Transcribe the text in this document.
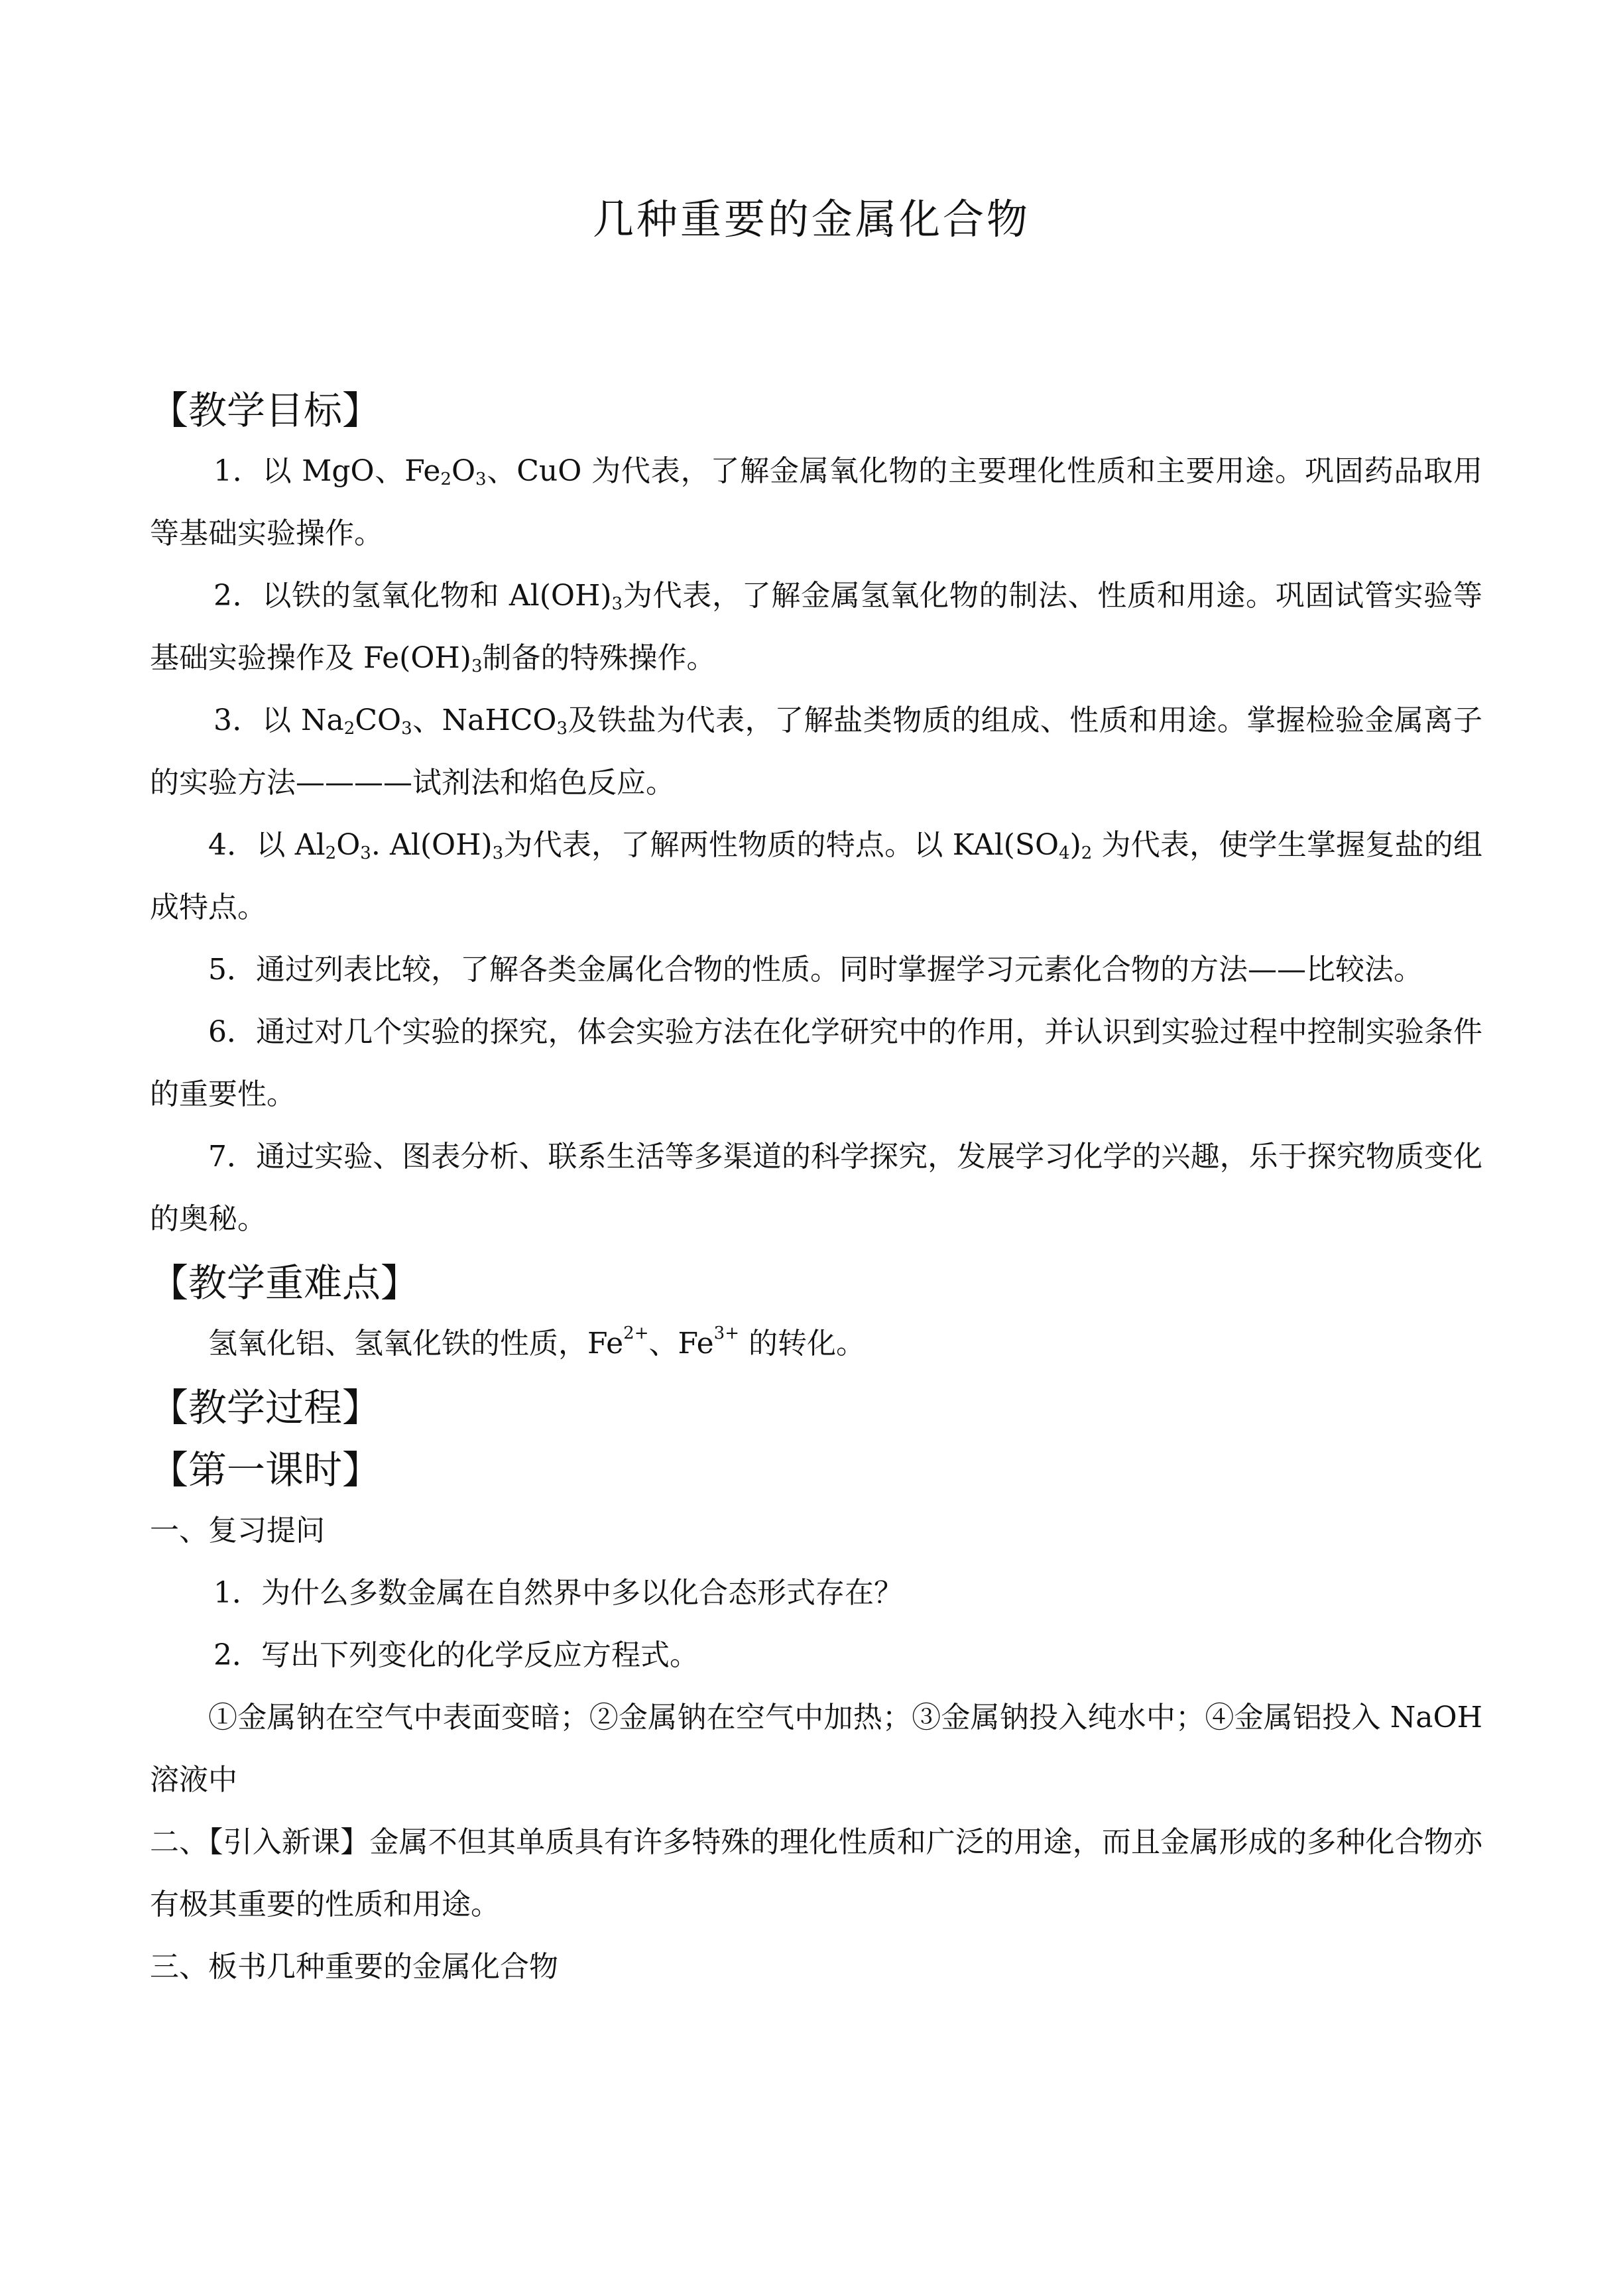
几种重要的金属化合物
【教学目标】

1．以 MgO、$Fe_2O_3$、CuO 为代表，了解金属氧化物的主要理化性质和主要用途。巩固药品取用等基础实验操作。

2．以铁的氢氧化物和 $Al(OH)_3$为代表，了解金属氢氧化物的制法、性质和用途。巩固试管实验等基础实验操作及 $Fe(OH)_3$制备的特殊操作。

3．以 $Na_2CO_3$、NaHCO$_3$及铁盐为代表，了解盐类物质的组成、性质和用途。掌握检验金属离子的实验方法————试剂法和焰色反应。

4．以 $Al_2O_3$. $Al(OH)_3$为代表，了解两性物质的特点。以 $KAl(SO_4)_2$ 为代表，使学生掌握复盐的组成特点。

5．通过列表比较，了解各类金属化合物的性质。同时掌握学习元素化合物的方法——比较法。

6．通过对几个实验的探究，体会实验方法在化学研究中的作用，并认识到实验过程中控制实验条件的重要性。

7．通过实验、图表分析、联系生活等多渠道的科学探究，发展学习化学的兴趣，乐于探究物质变化的奥秘。

【教学重难点】

氢氧化铝、氢氧化铁的性质，$Fe^{2+}$、$Fe^{3+}$ 的转化。

【教学过程】
【第一课时】

一、复习提问

1．为什么多数金属在自然界中多以化合态形式存在？

2．写出下列变化的化学反应方程式。

①金属钠在空气中表面变暗；②金属钠在空气中加热；③金属钠投入纯水中；④金属铝投入 NaOH 溶液中

二、【引入新课】金属不但其单质具有许多特殊的理化性质和广泛的用途，而且金属形成的多种化合物亦有极其重要的性质和用途。

三、板书几种重要的金属化合物
